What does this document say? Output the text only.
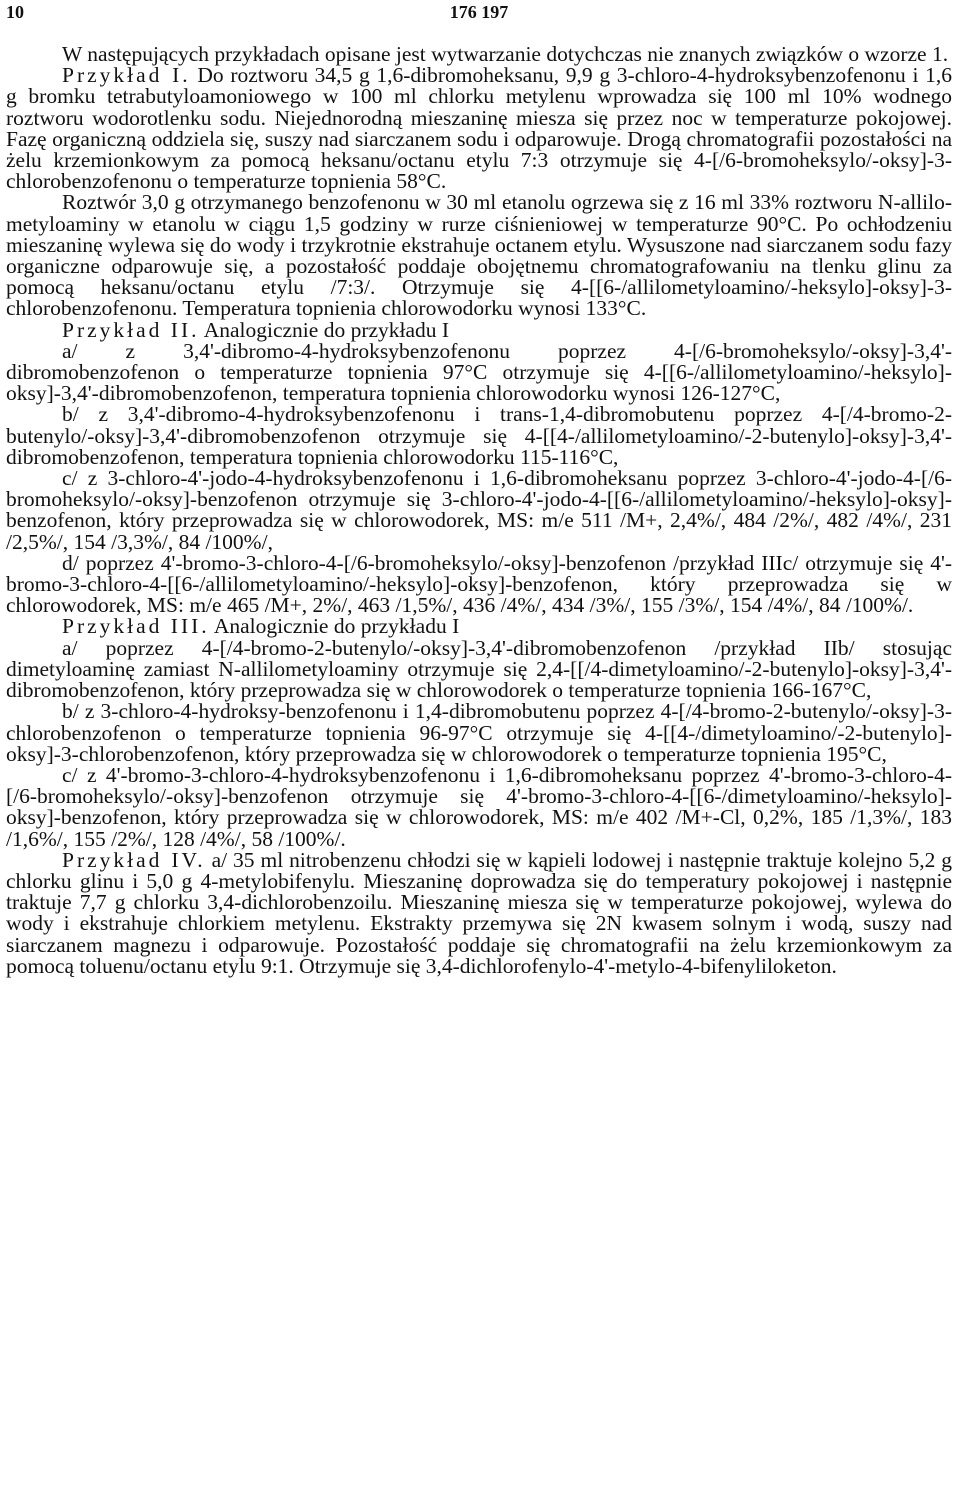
10	176 197

W następujących przykładach opisane jest wytwarzanie dotychczas nie znanych związków o wzorze 1.

Przykład I. Do roztworu 34,5 g 1,6-dibromoheksanu, 9,9 g 3-chloro-4-hydroksybenzofenonu i 1,6 g bromku tetrabutyloamoniowego w 100 ml chlorku metylenu wprowadza się 100 ml 10% wodnego roztworu wodorotlenku sodu. Niejednorodną mieszaninę miesza się przez noc w temperaturze pokojowej. Fazę organiczną oddziela się, suszy nad siarczanem sodu i odparowuje. Drogą chromatografii pozostałości na żelu krzemionkowym za pomocą heksanu/octanu etylu 7:3 otrzymuje się 4-[/6-bromoheksylo/-oksy]-3-chlorobenzofenonu o temperaturze topnienia 58°C.

Roztwór 3,0 g otrzymanego benzofenonu w 30 ml etanolu ogrzewa się z 16 ml 33% roztworu N-allilo-metyloaminy w etanolu w ciągu 1,5 godziny w rurze ciśnieniowej w temperaturze 90°C. Po ochłodzeniu mieszaninę wylewa się do wody i trzykrotnie ekstrahuje octanem etylu. Wysuszone nad siarczanem sodu fazy organiczne odparowuje się, a pozostałość poddaje obojętnemu chromatografowaniu na tlenku glinu za pomocą heksanu/octanu etylu /7:3/. Otrzymuje się 4-[[6-/allilometyloamino/-heksylo]-oksy]-3-chlorobenzofenonu. Temperatura topnienia chlorowodorku wynosi 133°C.

Przykład II. Analogicznie do przykładu I

a/ z 3,4'-dibromo-4-hydroksybenzofenonu poprzez 4-[/6-bromoheksylo/-oksy]-3,4'-dibromobenzofenon o temperaturze topnienia 97°C otrzymuje się 4-[[6-/allilometyloamino/-heksylo]-oksy]-3,4'-dibromobenzofenon, temperatura topnienia chlorowodorku wynosi 126-127°C,

b/ z 3,4'-dibromo-4-hydroksybenzofenonu i trans-1,4-dibromobutenu poprzez 4-[/4-bromo-2-butenylo/-oksy]-3,4'-dibromobenzofenon otrzymuje się 4-[[4-/allilometyloamino/-2-butenylo]-oksy]-3,4'-dibromobenzofenon, temperatura topnienia chlorowodorku 115-116°C,

c/ z 3-chloro-4'-jodo-4-hydroksybenzofenonu i 1,6-dibromoheksanu poprzez 3-chloro-4'-jodo-4-[/6-bromoheksylo/-oksy]-benzofenon otrzymuje się 3-chloro-4'-jodo-4-[[6-/allilometyloamino/-heksylo]-oksy]-benzofenon, który przeprowadza się w chlorowodorek, MS: m/e 511 /M+, 2,4%/, 484 /2%/, 482 /4%/, 231 /2,5%/, 154 /3,3%/, 84 /100%/,

d/ poprzez 4'-bromo-3-chloro-4-[/6-bromoheksylo/-oksy]-benzofenon /przykład IIIc/ otrzymuje się 4'-bromo-3-chloro-4-[[6-/allilometyloamino/-heksylo]-oksy]-benzofenon, który przeprowadza się w chlorowodorek, MS: m/e 465 /M+, 2%/, 463 /1,5%/, 436 /4%/, 434 /3%/, 155 /3%/, 154 /4%/, 84 /100%/.

Przykład III. Analogicznie do przykładu I

a/ poprzez 4-[/4-bromo-2-butenylo/-oksy]-3,4'-dibromobenzofenon /przykład IIb/ stosując dimetyloaminę zamiast N-allilometyloaminy otrzymuje się 2,4-[[/4-dimetyloamino/-2-butenylo]-oksy]-3,4'-dibromobenzofenon, który przeprowadza się w chlorowodorek o temperaturze topnienia 166-167°C,

b/ z 3-chloro-4-hydroksy-benzofenonu i 1,4-dibromobutenu poprzez 4-[/4-bromo-2-butenylo/-oksy]-3-chlorobenzofenon o temperaturze topnienia 96-97°C otrzymuje się 4-[[4-/dimetyloamino/-2-butenylo]-oksy]-3-chlorobenzofenon, który przeprowadza się w chlorowodorek o temperaturze topnienia 195°C,

c/ z 4'-bromo-3-chloro-4-hydroksybenzofenonu i 1,6-dibromoheksanu poprzez 4'-bromo-3-chloro-4-[/6-bromoheksylo/-oksy]-benzofenon otrzymuje się 4'-bromo-3-chloro-4-[[6-/dimetyloamino/-heksylo]-oksy]-benzofenon, który przeprowadza się w chlorowodorek, MS: m/e 402 /M+-Cl, 0,2%, 185 /1,3%/, 183 /1,6%/, 155 /2%/, 128 /4%/, 58 /100%/.

Przykład IV. a/ 35 ml nitrobenzenu chłodzi się w kąpieli lodowej i następnie traktuje kolejno 5,2 g chlorku glinu i 5,0 g 4-metylobifenylu. Mieszaninę doprowadza się do temperatury pokojowej i następnie traktuje 7,7 g chlorku 3,4-dichlorobenzoilu. Mieszaninę miesza się w temperaturze pokojowej, wylewa do wody i ekstrahuje chlorkiem metylenu. Ekstrakty przemywa się 2N kwasem solnym i wodą, suszy nad siarczanem magnezu i odparowuje. Pozostałość poddaje się chromatografii na żelu krzemionkowym za pomocą toluenu/octanu etylu 9:1. Otrzymuje się 3,4-dichlorofenylo-4'-metylo-4-bifenyliloketon.
